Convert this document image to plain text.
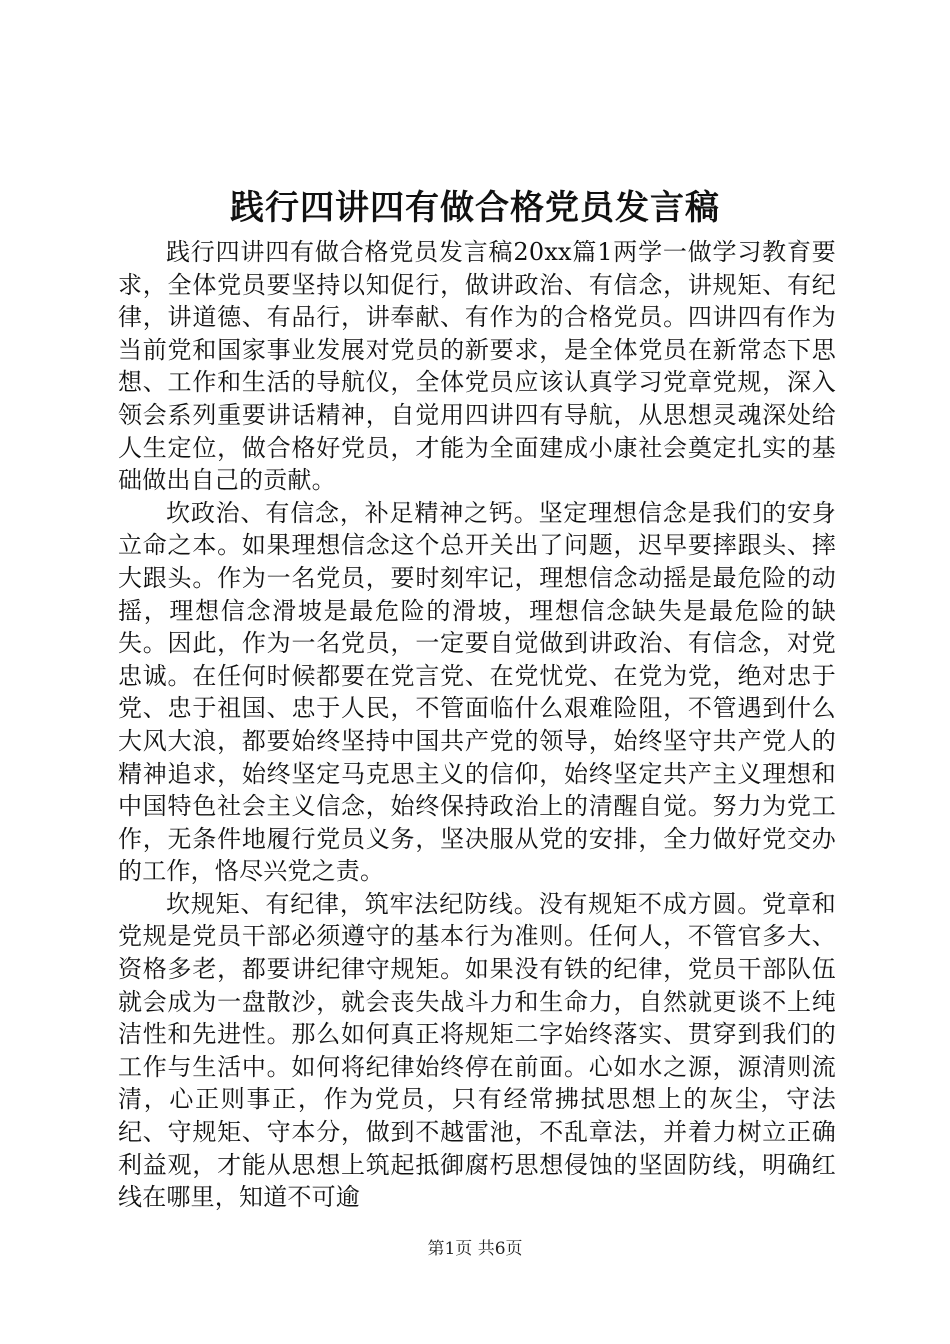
践行四讲四有做合格党员发言稿

践行四讲四有做合格党员发言稿20xx篇1两学一做学习教育要求，全体党员要坚持以知促行，做讲政治、有信念，讲规矩、有纪律，讲道德、有品行，讲奉献、有作为的合格党员。四讲四有作为当前党和国家事业发展对党员的新要求，是全体党员在新常态下思想、工作和生活的导航仪，全体党员应该认真学习党章党规，深入领会系列重要讲话精神，自觉用四讲四有导航，从思想灵魂深处给人生定位，做合格好党员，才能为全面建成小康社会奠定扎实的基础做出自己的贡献。

坎政治、有信念，补足精神之钙。坚定理想信念是我们的安身立命之本。如果理想信念这个总开关出了问题，迟早要摔跟头、摔大跟头。作为一名党员，要时刻牢记，理想信念动摇是最危险的动摇，理想信念滑坡是最危险的滑坡，理想信念缺失是最危险的缺失。因此，作为一名党员，一定要自觉做到讲政治、有信念，对党忠诚。在任何时候都要在党言党、在党忧党、在党为党，绝对忠于党、忠于祖国、忠于人民，不管面临什么艰难险阻，不管遇到什么大风大浪，都要始终坚持中国共产党的领导，始终坚守共产党人的精神追求，始终坚定马克思主义的信仰，始终坚定共产主义理想和中国特色社会主义信念，始终保持政治上的清醒自觉。努力为党工作，无条件地履行党员义务，坚决服从党的安排，全力做好党交办的工作，恪尽兴党之责。

坎规矩、有纪律，筑牢法纪防线。没有规矩不成方圆。党章和党规是党员干部必须遵守的基本行为准则。任何人，不管官多大、资格多老，都要讲纪律守规矩。如果没有铁的纪律，党员干部队伍就会成为一盘散沙，就会丧失战斗力和生命力，自然就更谈不上纯洁性和先进性。那么如何真正将规矩二字始终落实、贯穿到我们的工作与生活中。如何将纪律始终停在前面。心如水之源，源清则流清，心正则事正，作为党员，只有经常拂拭思想上的灰尘，守法纪、守规矩、守本分，做到不越雷池，不乱章法，并着力树立正确利益观，才能从思想上筑起抵御腐朽思想侵蚀的坚固防线，明确红线在哪里，知道不可逾

第1页 共6页
